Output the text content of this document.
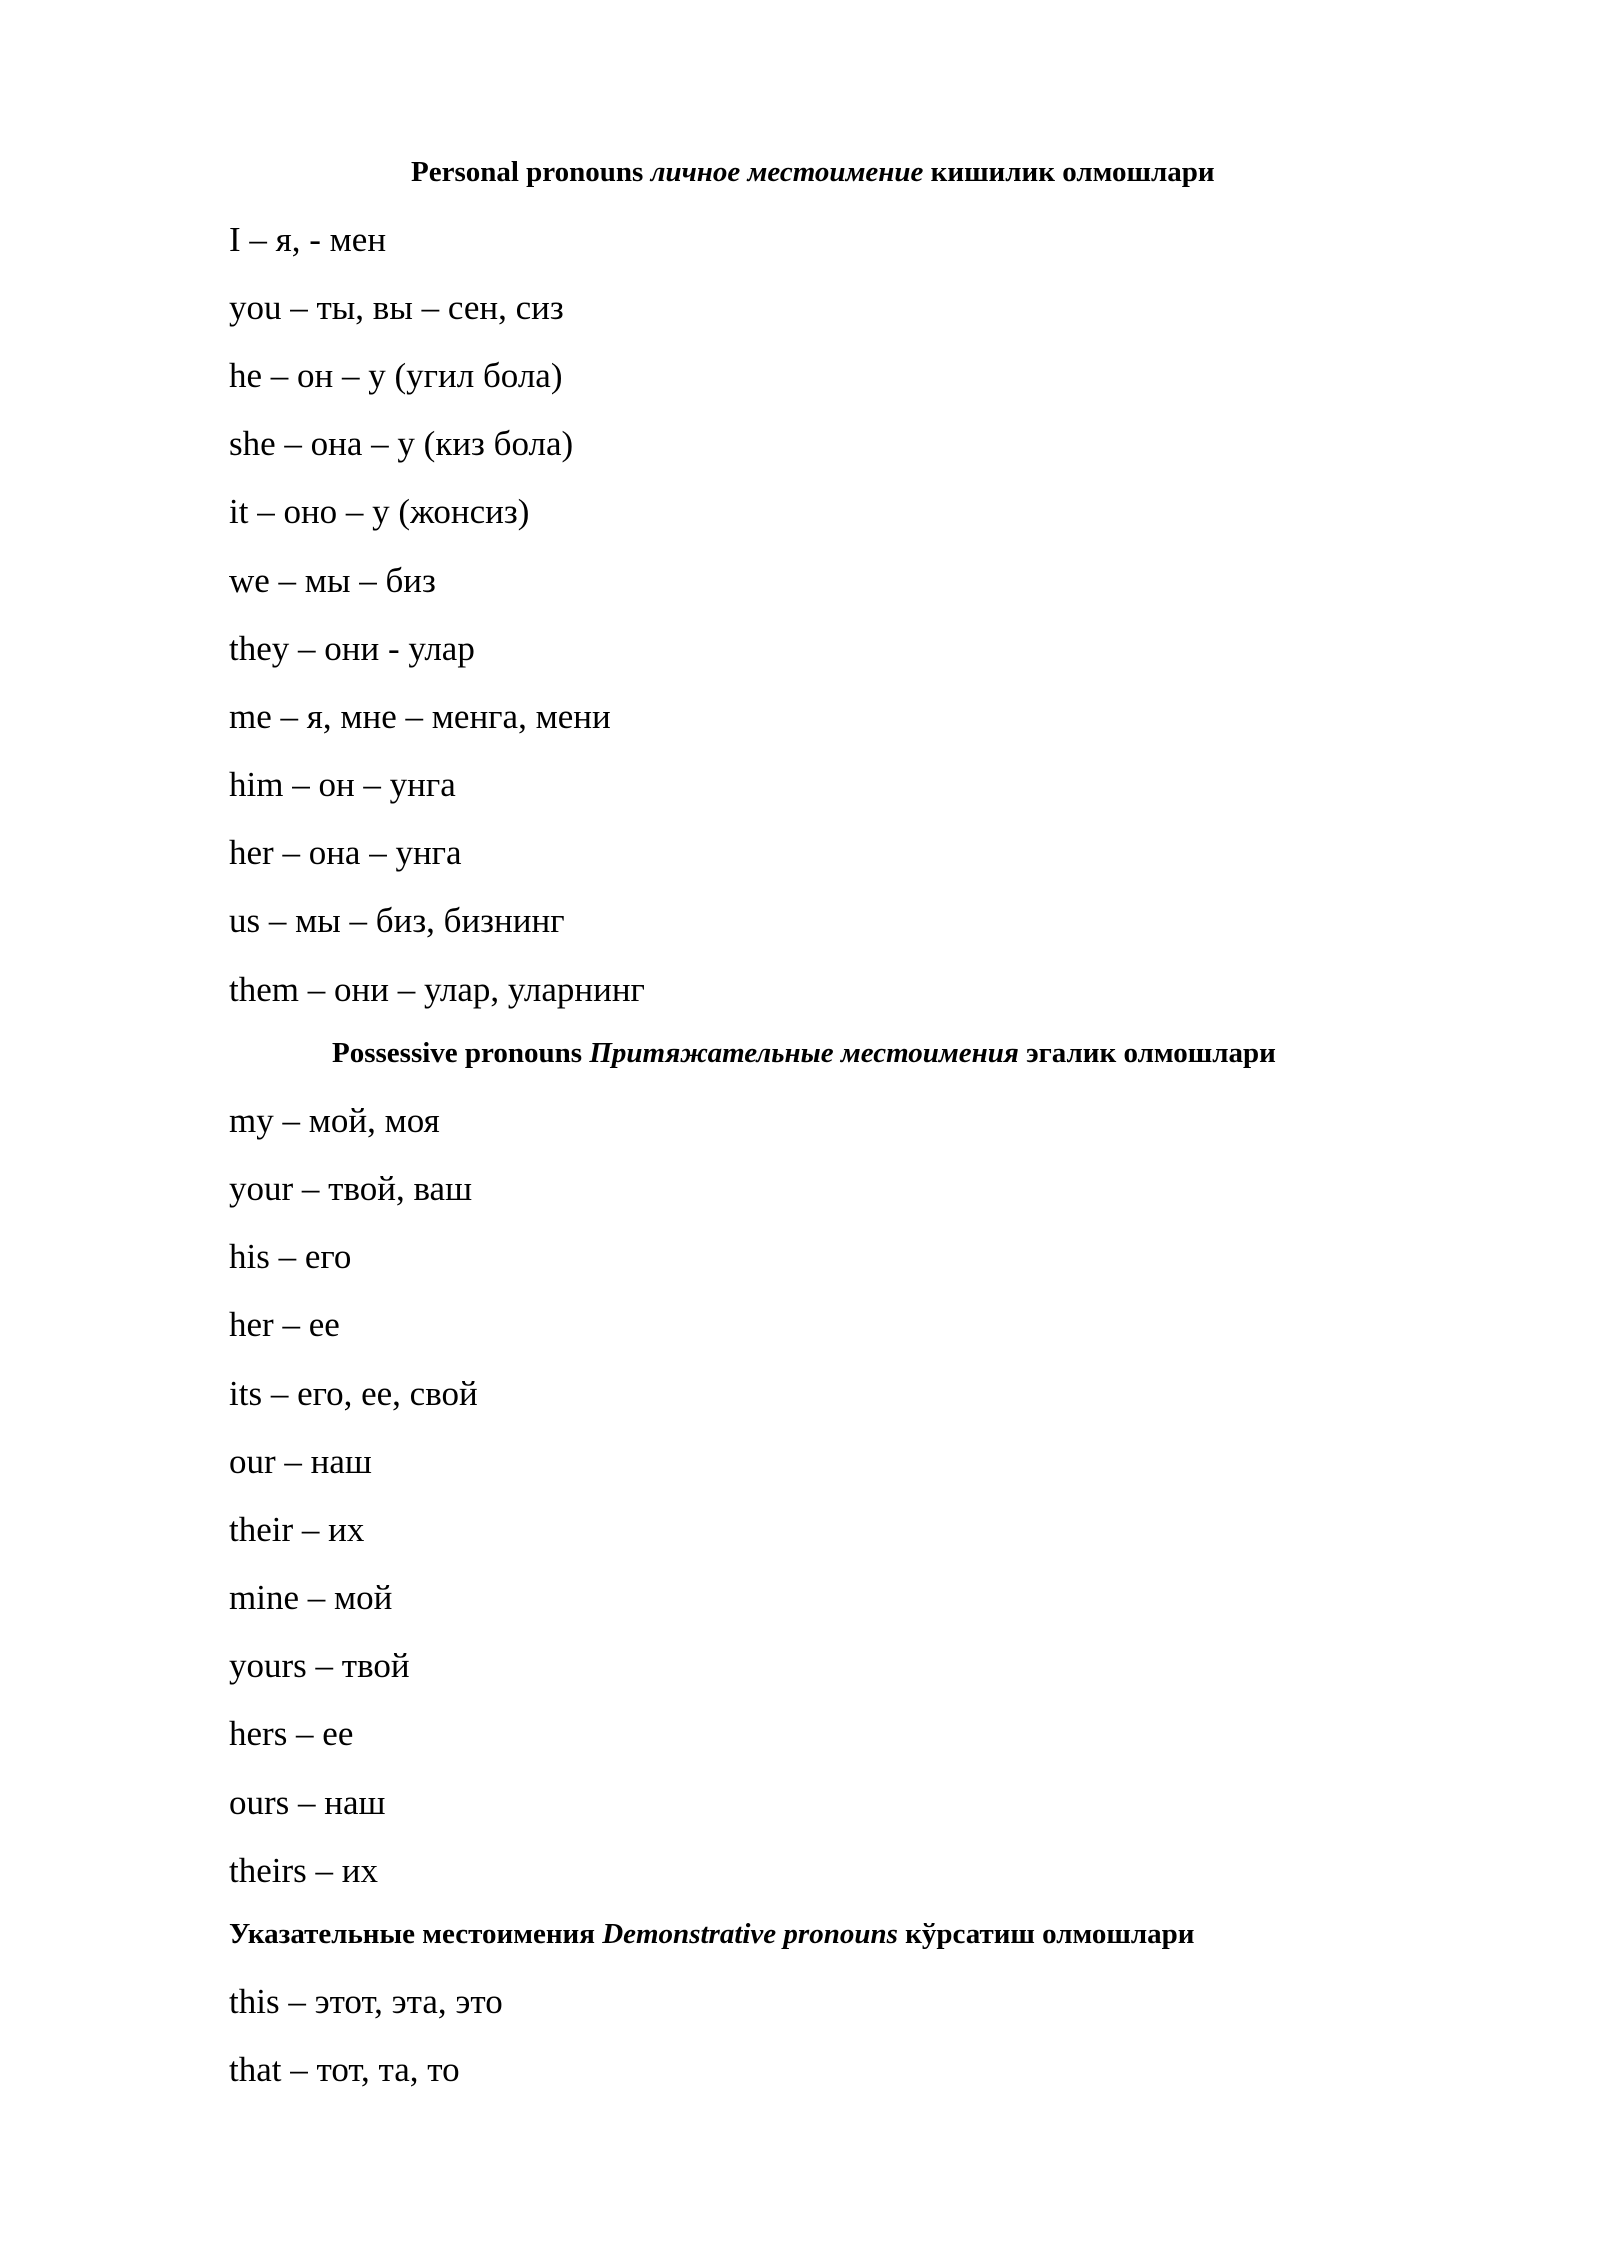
Personal pronouns личное местоимение кишилик олмошлари
I – я, - мен
you – ты, вы – сен, сиз
he – он – у (угил бола)
she – она – у (киз бола)
it – оно – у (жонсиз)
we – мы – биз
they – они - улар
me – я, мне – менга, мени
him – он – унга
her – она – унга
us – мы – биз, бизнинг
them – они – улар, уларнинг
Possessive pronouns Притяжательные местоимения эгалик олмошлари
my – мой, моя
your – твой, ваш
his – его
her – ее
its – его, ее, свой
our – наш
their – их
mine – мой
yours – твой
hers – ее
ours – наш
theirs – их
Указательные местоимения Demonstrative pronouns кўрсатиш олмошлари
this – этот, эта, это
that – тот, та, то
